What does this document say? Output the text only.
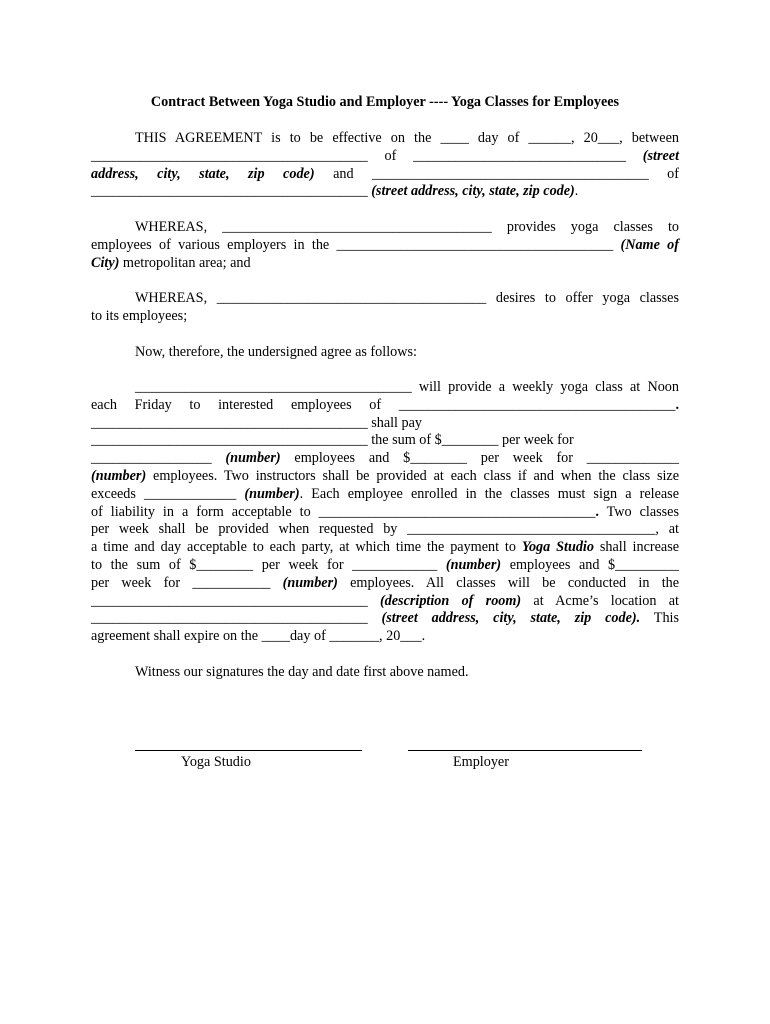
Contract Between Yoga Studio and Employer ---- Yoga Classes for Employees
THIS AGREEMENT is to be effective on the ____ day of ______, 20___, between
_______________________________________ of ______________________________ (street
address, city, state, zip code) and _______________________________________ of
_______________________________________ (street address, city, state, zip code).
WHEREAS, ______________________________________ provides yoga classes to
employees of various employers in the _______________________________________ (Name of
City) metropolitan area; and
WHEREAS, ______________________________________ desires to offer yoga classes
to its employees;
Now, therefore, the undersigned agree as follows:
_______________________________________ will provide a weekly yoga class at Noon
each Friday to interested employees of _______________________________________.
_______________________________________ shall pay
_______________________________________ the sum of $________ per week for
_________________ (number) employees and $________ per week for _____________
(number) employees. Two instructors shall be provided at each class if and when the class size
exceeds _____________ (number). Each employee enrolled in the classes must sign a release
of liability in a form acceptable to _______________________________________. Two classes
per week shall be provided when requested by ___________________________________, at
a time and day acceptable to each party, at which time the payment to Yoga Studio shall increase
to the sum of $________ per week for ____________ (number) employees and $_________
per week for ___________ (number) employees. All classes will be conducted in the
_______________________________________ (description of room) at Acme’s location at
_______________________________________ (street address, city, state, zip code). This
agreement shall expire on the ____day of _______, 20___.
Witness our signatures the day and date first above named.
Yoga Studio	Employer
